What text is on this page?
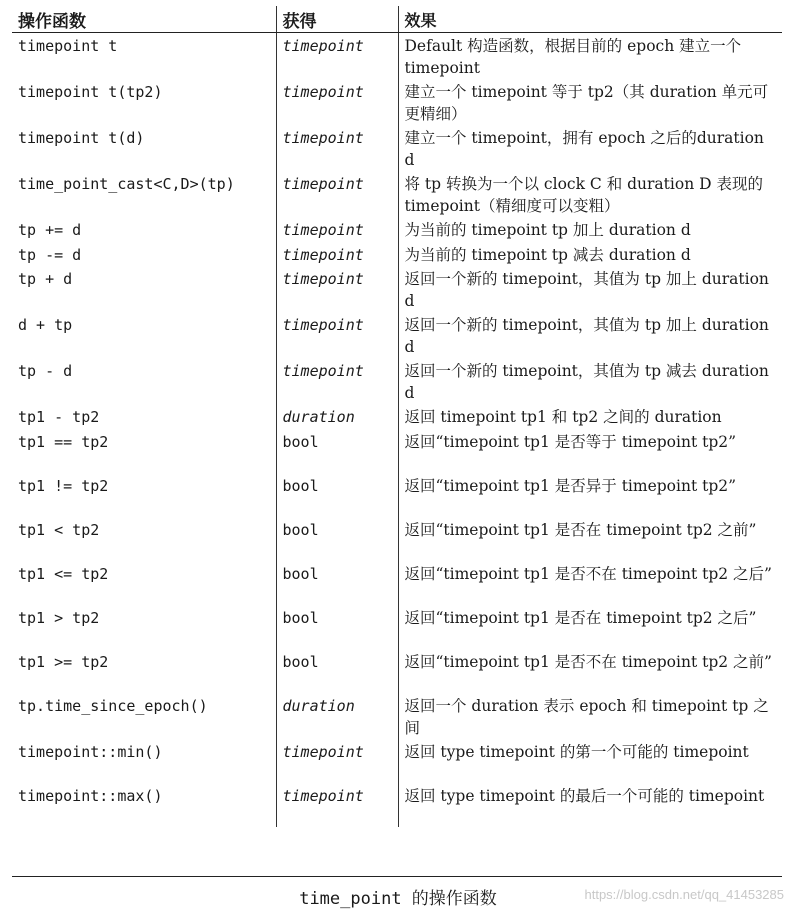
操作函数	获得	效果
timepoint t	timepoint	Default 构造函数，根据目前的 epoch 建立一个 timepoint
timepoint t(tp2)	timepoint	建立一个 timepoint 等于 tp2（其 duration 单元可更精细）
timepoint t(d)	timepoint	建立一个 timepoint，拥有 epoch 之后的duration d
time_point_cast<C,D>(tp)	timepoint	将 tp 转换为一个以 clock C 和 duration D 表现的 timepoint（精细度可以变粗）
tp += d	timepoint	为当前的 timepoint tp 加上 duration d
tp -= d	timepoint	为当前的 timepoint tp 减去 duration d
tp + d	timepoint	返回一个新的 timepoint，其值为 tp 加上 duration d
d + tp	timepoint	返回一个新的 timepoint，其值为 tp 加上 duration d
tp - d	timepoint	返回一个新的 timepoint，其值为 tp 减去 duration d
tp1 - tp2	duration	返回 timepoint tp1 和 tp2 之间的 duration
tp1 == tp2	bool	返回“timepoint tp1 是否等于 timepoint tp2”
tp1 != tp2	bool	返回“timepoint tp1 是否异于 timepoint tp2”
tp1 < tp2	bool	返回“timepoint tp1 是否在 timepoint tp2 之前”
tp1 <= tp2	bool	返回“timepoint tp1 是否不在 timepoint tp2 之后”
tp1 > tp2	bool	返回“timepoint tp1 是否在 timepoint tp2 之后”
tp1 >= tp2	bool	返回“timepoint tp1 是否不在 timepoint tp2 之前”
tp.time_since_epoch()	duration	返回一个 duration 表示 epoch 和 timepoint tp 之间
timepoint::min()	timepoint	返回 type timepoint 的第一个可能的 timepoint
timepoint::max()	timepoint	返回 type timepoint 的最后一个可能的 timepoint
time_point 的操作函数	https://blog.csdn.net/qq_41453285
